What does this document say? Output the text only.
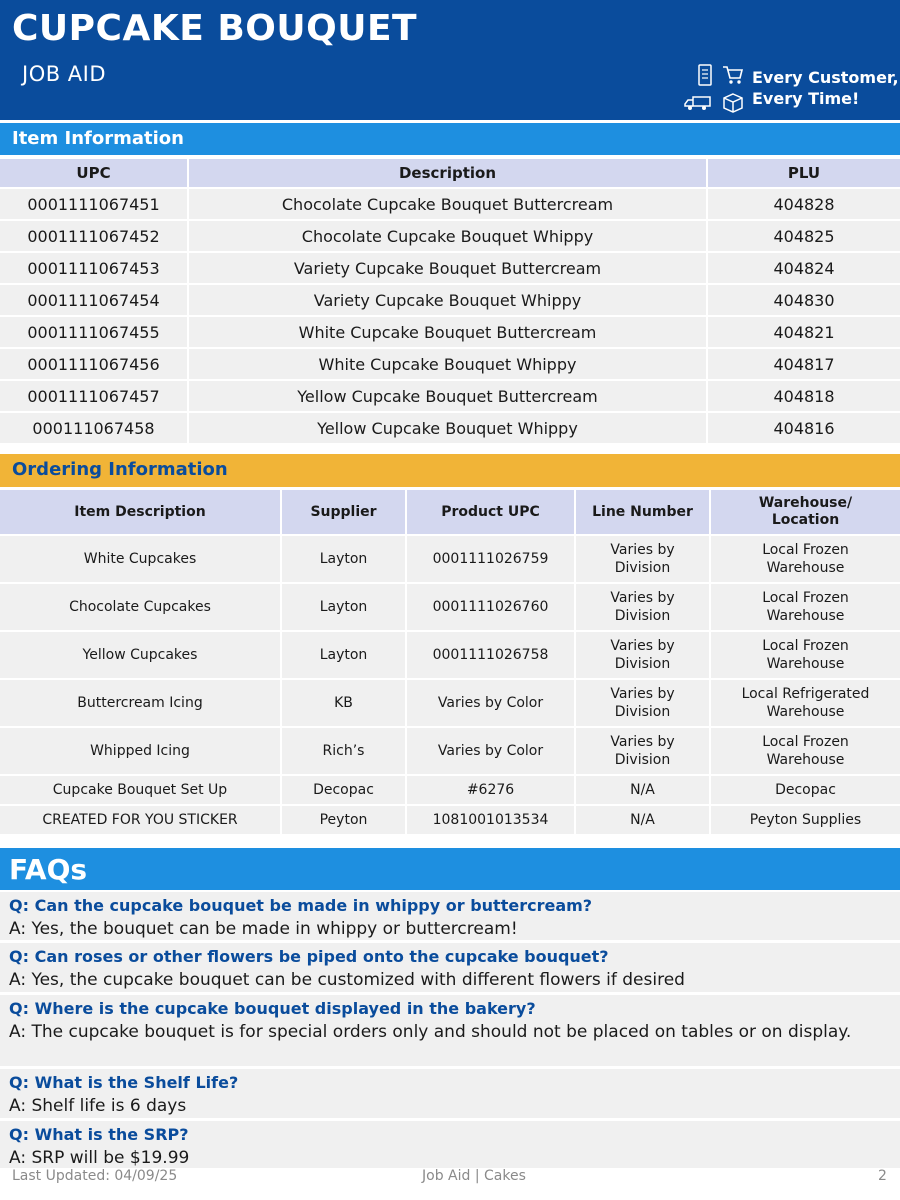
CUPCAKE BOUQUET
JOB AID	Every Customer,
Every Time!
Item Information
UPC	Description	PLU
0001111067451	Chocolate Cupcake Bouquet Buttercream	404828
0001111067452	Chocolate Cupcake Bouquet Whippy	404825
0001111067453	Variety Cupcake Bouquet Buttercream	404824
0001111067454	Variety Cupcake Bouquet Whippy	404830
0001111067455	White Cupcake Bouquet Buttercream	404821
0001111067456	White Cupcake Bouquet Whippy	404817
0001111067457	Yellow Cupcake Bouquet Buttercream	404818
000111067458	Yellow Cupcake Bouquet Whippy	404816
Ordering Information
Item Description	Supplier	Product UPC	Line Number	Warehouse/ Location
White Cupcakes	Layton	0001111026759	Varies by Division	Local Frozen Warehouse
Chocolate Cupcakes	Layton	0001111026760	Varies by Division	Local Frozen Warehouse
Yellow Cupcakes	Layton	0001111026758	Varies by Division	Local Frozen Warehouse
Buttercream Icing	KB	Varies by Color	Varies by Division	Local Refrigerated Warehouse
Whipped Icing	Rich’s	Varies by Color	Varies by Division	Local Frozen Warehouse
Cupcake Bouquet Set Up	Decopac	#6276	N/A	Decopac
CREATED FOR YOU STICKER	Peyton	1081001013534	N/A	Peyton Supplies
FAQs
Q: Can the cupcake bouquet be made in whippy or buttercream?
A: Yes, the bouquet can be made in whippy or buttercream!
Q: Can roses or other flowers be piped onto the cupcake bouquet?
A: Yes, the cupcake bouquet can be customized with different flowers if desired
Q: Where is the cupcake bouquet displayed in the bakery?
A: The cupcake bouquet is for special orders only and should not be placed on tables or on display.
Q: What is the Shelf Life?
A: Shelf life is 6 days
Q: What is the SRP?
A: SRP will be $19.99
Last Updated: 04/09/25	Job Aid | Cakes	2
